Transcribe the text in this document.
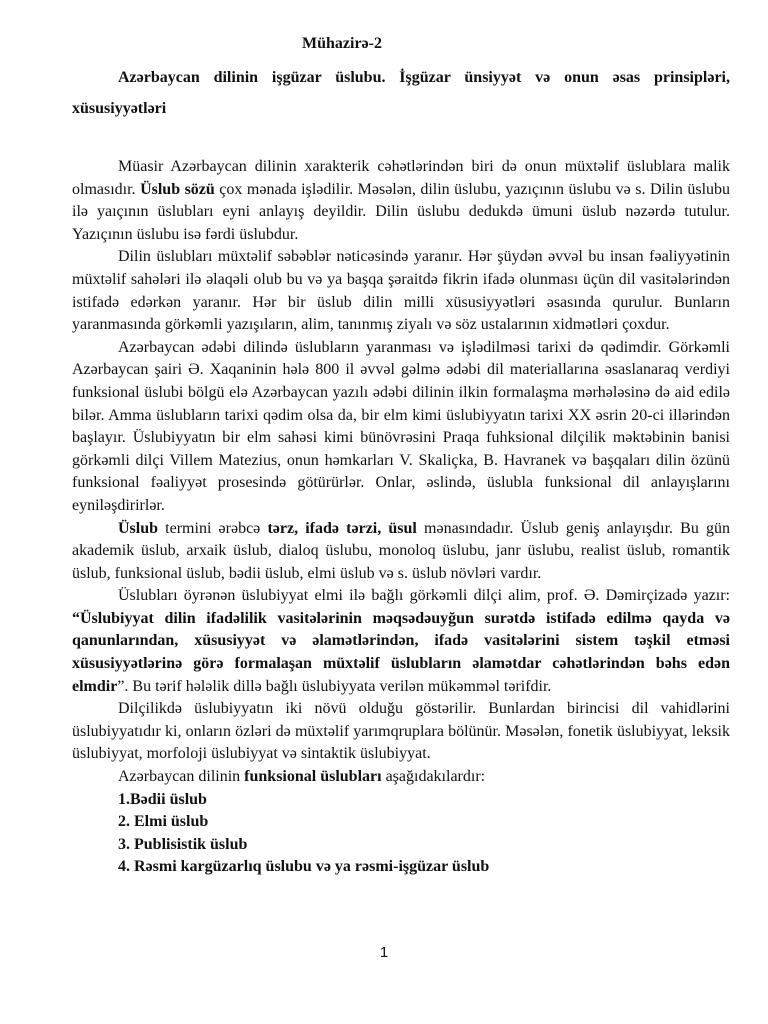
Mühazirə-2
Azərbaycan dilinin işgüzar üslubu. İşgüzar ünsiyyət və onun əsas prinsipləri, xüsusiyyətləri

Müasir Azərbaycan dilinin xarakterik cəhətlərindən biri də onun müxtəlif üslublara malik olmasıdır. Üslub sözü çox mənada işlədilir. Məsələn, dilin üslubu, yazıçının üslubu və s. Dilin üslubu ilə yaıçının üslubları eyni anlayış deyildir. Dilin üslubu dedukdə ümuni üslub nəzərdə tutulur. Yazıçının üslubu isə fərdi üslubdur.

Dilin üslubları müxtəlif səbəblər nəticəsində yaranır. Hər şüydən əvvəl bu insan fəaliyyətinin müxtəlif sahələri ilə əlaqəli olub bu və ya başqa şəraitdə fikrin ifadə olunması üçün dil vasitələrindən istifadə edərkən yaranır. Hər bir üslub dilin milli xüsusiyyətləri əsasında qurulur. Bunların yaranmasında görkəmli yazışıların, alim, tanınmış ziyalı və söz ustalarının xidmətləri çoxdur.

Azərbaycan ədəbi dilində üslubların yaranması və işlədilməsi tarixi də qədimdir. Görkəmli Azərbaycan şairi Ə. Xaqaninin hələ 800 il əvvəl gəlmə ədəbi dil materiallarına əsaslanaraq verdiyi funksional üslubi bölgü elə Azərbaycan yazılı ədəbi dilinin ilkin formalaşma mərhələsinə də aid edilə bilər. Amma üslubların tarixi qədim olsa da, bir elm kimi üslubiyyatın tarixi XX əsrin 20-ci illərindən başlayır. Üslubiyyatın bir elm sahəsi kimi bünövrəsini Praqa fuhksional dilçilik məktəbinin banisi görkəmli dilçi Villem Matezius, onun həmkarları V. Skaliçka, B. Havranek və başqaları dilin özünü funksional fəaliyyət prosesində götürürlər. Onlar, əslində, üslubla funksional dil anlayışlarını eyniləşdirirlər.

Üslub termini ərəbcə tərz, ifadə tərzi, üsul mənasındadır. Üslub geniş anlayışdır. Bu gün akademik üslub, arxaik üslub, dialoq üslubu, monoloq üslubu, janr üslubu, realist üslub, romantik üslub, funksional üslub, bədii üslub, elmi üslub və s. üslub növləri vardır.

Üslubları öyrənən üslubiyyat elmi ilə bağlı görkəmli dilçi alim, prof. Ə. Dəmirçizadə yazır: “Üslubiyyat dilin ifadəlilik vasitələrinin məqsədəuyğun surətdə istifadə edilmə qayda və qanunlarından, xüsusiyyət və əlamətlərindən, ifadə vasitələrini sistem təşkil etməsi xüsusiyyətlərinə görə formalaşan müxtəlif üslubların əlamətdar cəhətlərindən bəhs edən elmdir”. Bu tərif hələlik dillə bağlı üslubiyyata verilən mükəmməl tərifdir.

Dilçilikdə üslubiyyatın iki növü olduğu göstərilir. Bunlardan birincisi dil vahidlərini üslubiyyatıdır ki, onların özləri də müxtəlif yarımqruplara bölünür. Məsələn, fonetik üslubiyyat, leksik üslubiyyat, morfoloji üslubiyyat və sintaktik üslubiyyat.

Azərbaycan dilinin funksional üslubları aşağıdakılardır:

1.Bədii üslub
2. Elmi üslub
3. Publisistik üslub
4. Rəsmi kargüzarlıq üslubu və ya rəsmi-işgüzar üslub
1
